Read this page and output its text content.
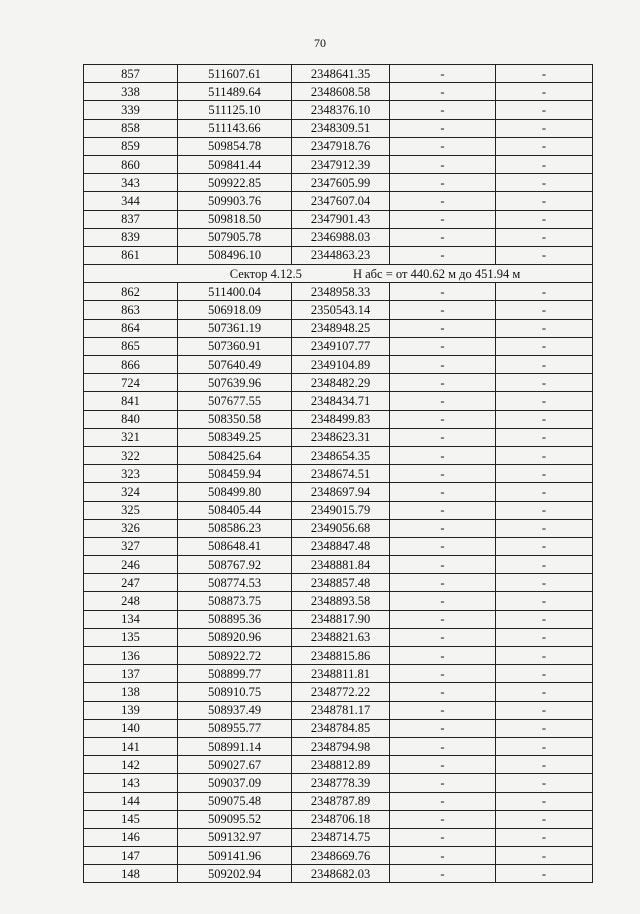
70
857	511607.61	2348641.35	-	-
338	511489.64	2348608.58	-	-
339	511125.10	2348376.10	-	-
858	511143.66	2348309.51	-	-
859	509854.78	2347918.76	-	-
860	509841.44	2347912.39	-	-
343	509922.85	2347605.99	-	-
344	509903.76	2347607.04	-	-
837	509818.50	2347901.43	-	-
839	507905.78	2346988.03	-	-
861	508496.10	2344863.23	-	-
Сектор 4.12.5 Н абс = от 440.62 м до 451.94 м				
862	511400.04	2348958.33	-	-
863	506918.09	2350543.14	-	-
864	507361.19	2348948.25	-	-
865	507360.91	2349107.77	-	-
866	507640.49	2349104.89	-	-
724	507639.96	2348482.29	-	-
841	507677.55	2348434.71	-	-
840	508350.58	2348499.83	-	-
321	508349.25	2348623.31	-	-
322	508425.64	2348654.35	-	-
323	508459.94	2348674.51	-	-
324	508499.80	2348697.94	-	-
325	508405.44	2349015.79	-	-
326	508586.23	2349056.68	-	-
327	508648.41	2348847.48	-	-
246	508767.92	2348881.84	-	-
247	508774.53	2348857.48	-	-
248	508873.75	2348893.58	-	-
134	508895.36	2348817.90	-	-
135	508920.96	2348821.63	-	-
136	508922.72	2348815.86	-	-
137	508899.77	2348811.81	-	-
138	508910.75	2348772.22	-	-
139	508937.49	2348781.17	-	-
140	508955.77	2348784.85	-	-
141	508991.14	2348794.98	-	-
142	509027.67	2348812.89	-	-
143	509037.09	2348778.39	-	-
144	509075.48	2348787.89	-	-
145	509095.52	2348706.18	-	-
146	509132.97	2348714.75	-	-
147	509141.96	2348669.76	-	-
148	509202.94	2348682.03	-	-
